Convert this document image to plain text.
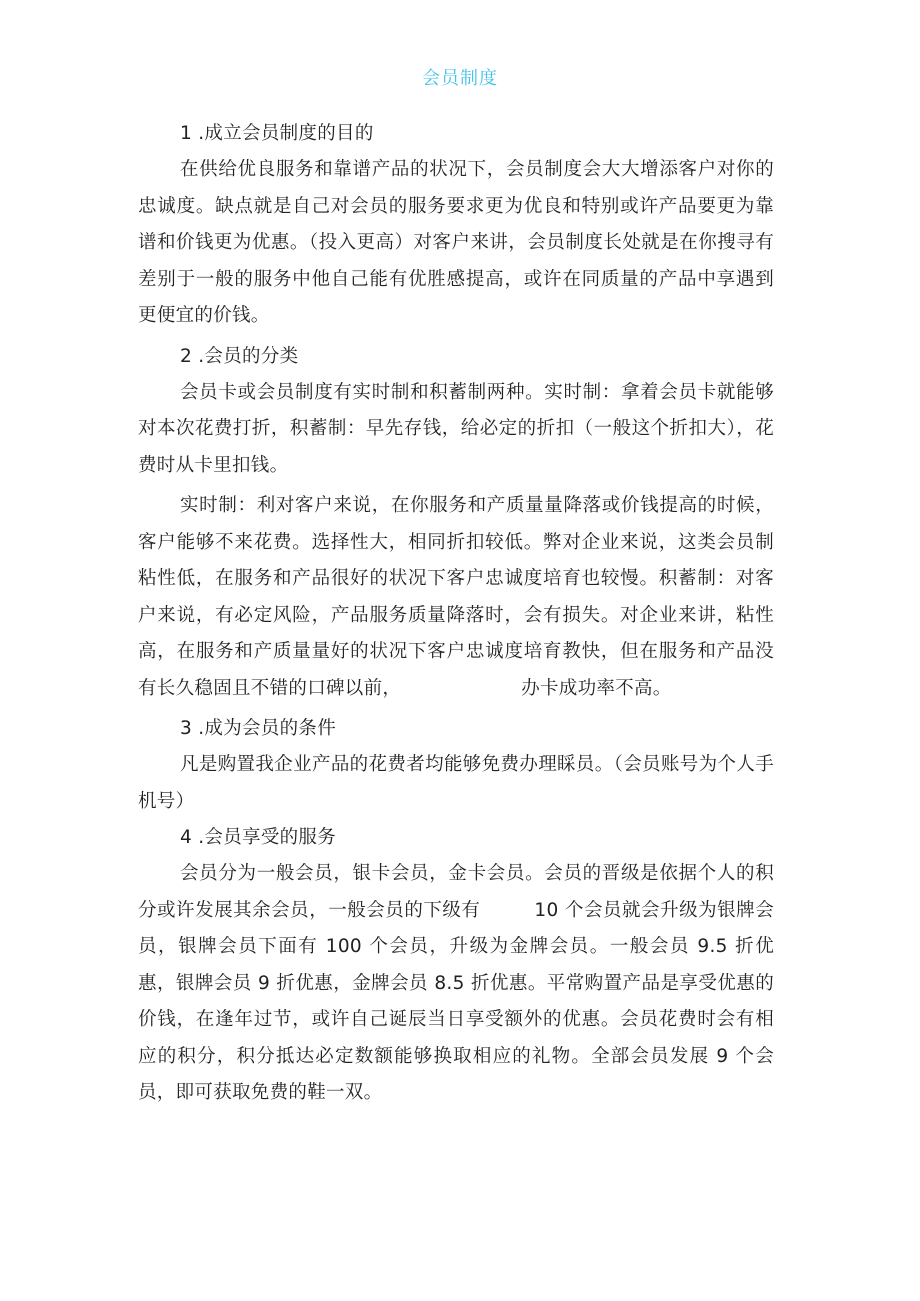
会员制度

1 .成立会员制度的目的

在供给优良服务和靠谱产品的状况下，会员制度会大大增添客户对你的忠诚度。缺点就是自己对会员的服务要求更为优良和特别或许产品要更为靠谱和价钱更为优惠。（投入更高）对客户来讲，会员制度长处就是在你搜寻有差别于一般的服务中他自己能有优胜感提高，或许在同质量的产品中享遇到更便宜的价钱。

2 .会员的分类

会员卡或会员制度有实时制和积蓄制两种。实时制：拿着会员卡就能够对本次花费打折，积蓄制：早先存钱，给必定的折扣（一般这个折扣大），花费时从卡里扣钱。

实时制：利对客户来说，在你服务和产质量量降落或价钱提高的时候，客户能够不来花费。选择性大，相同折扣较低。弊对企业来说，这类会员制粘性低，在服务和产品很好的状况下客户忠诚度培育也较慢。积蓄制：对客户来说，有必定风险，产品服务质量降落时，会有损失。对企业来讲，粘性高，在服务和产质量量好的状况下客户忠诚度培育教快，但在服务和产品没有长久稳固且不错的口碑以前，	办卡成功率不高。

3 .成为会员的条件

凡是购置我企业产品的花费者均能够免费办理睬员。（会员账号为个人手机号）

4 .会员享受的服务

会员分为一般会员，银卡会员，金卡会员。会员的晋级是依据个人的积分或许发展其余会员，一般会员的下级有	10 个会员就会升级为银牌会员，银牌会员下面有 100 个会员，升级为金牌会员。一般会员 9.5 折优惠，银牌会员 9 折优惠，金牌会员 8.5 折优惠。平常购置产品是享受优惠的价钱，在逢年过节，或许自己诞辰当日享受额外的优惠。会员花费时会有相应的积分，积分抵达必定数额能够换取相应的礼物。全部会员发展 9 个会员，即可获取免费的鞋一双。
